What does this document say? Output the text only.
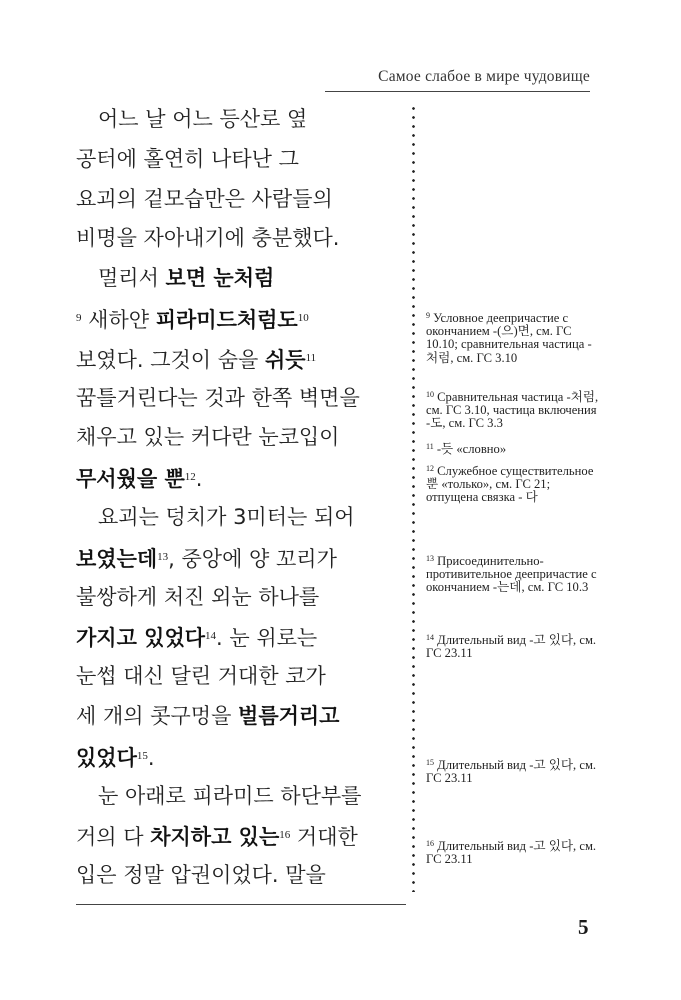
Самое слабое в мире чудовище
어느 날 어느 등산로 옆
공터에 홀연히 나타난 그
요괴의 겉모습만은 사람들의
비명을 자아내기에 충분했다.
멀리서 보면 눈처럼
$^9$ 새하얀 피라미드처럼도$^{10}$
보였다. 그것이 숨을 쉬듯$^{11}$
꿈틀거린다는 것과 한쪽 벽면을
채우고 있는 커다란 눈코입이
무서웠을 뿐$^{12}$.
요괴는 덩치가 3미터는 되어
보였는데$^{13}$, 중앙에 양 꼬리가
불쌍하게 처진 외눈 하나를
가지고 있었다$^{14}$. 눈 위로는
눈썹 대신 달린 거대한 코가
세 개의 콧구멍을 벌름거리고
있었다$^{15}$.
눈 아래로 피라미드 하단부를
거의 다 차지하고 있는$^{16}$ 거대한
입은 정말 압권이었다. 말을
$^9$ Условное деепричастие с окончанием -(으)면, см. ГС 10.10; сравнительная частица -처럼, см. ГС 3.10
$^{10}$ Сравнительная частица -처럼, см. ГС 3.10, частица включения -도, см. ГС 3.3
$^{11}$ -듯 «словно»
$^{12}$ Служебное существительное 뿐 «только», см. ГС 21; отпущена связка - 다
$^{13}$ Присоединительно-противительное деепричастие с окончанием -는데, см. ГС 10.3
$^{14}$ Длительный вид -고 있다, см. ГС 23.11
$^{15}$ Длительный вид -고 있다, см. ГС 23.11
$^{16}$ Длительный вид -고 있다, см. ГС 23.11
5
